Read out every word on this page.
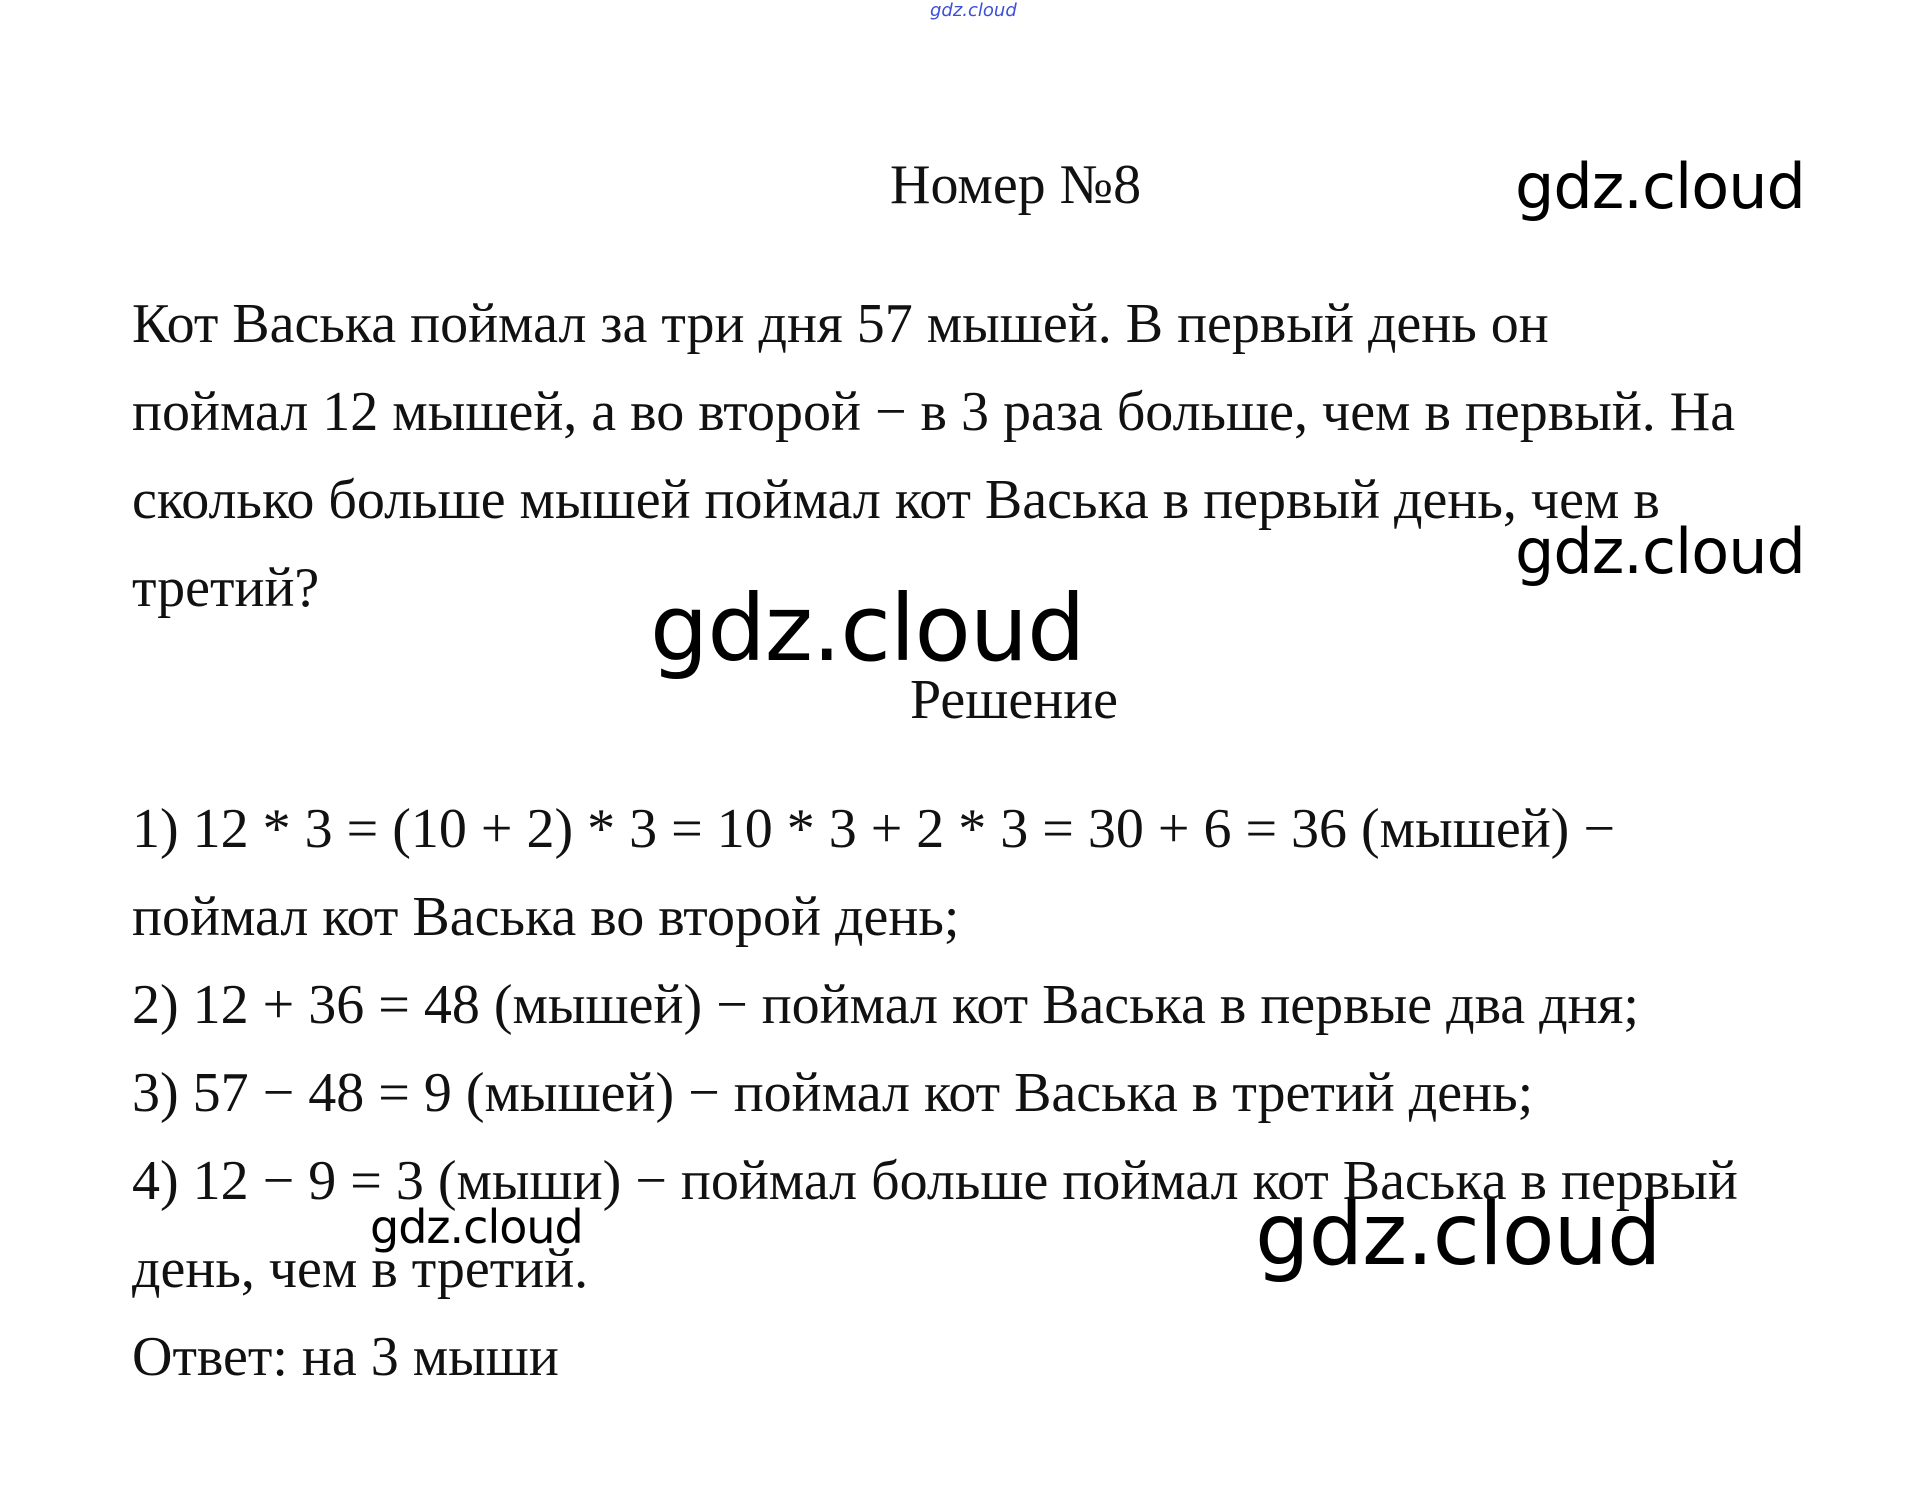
gdz.cloud
Номер №8	gdz.cloud
Кот Васька поймал за три дня 57 мышей. В первый день он
поймал 12 мышей, а во второй − в 3 раза больше, чем в первый. На
сколько больше мышей поймал кот Васька в первый день, чем в
третий?	gdz.cloud
gdz.cloud
Решение
1) 12 * 3 = (10 + 2) * 3 = 10 * 3 + 2 * 3 = 30 + 6 = 36 (мышей) −
поймал кот Васька во второй день;
2) 12 + 36 = 48 (мышей) − поймал кот Васька в первые два дня;
3) 57 − 48 = 9 (мышей) − поймал кот Васька в третий день;
4) 12 − 9 = 3 (мыши) − поймал больше поймал кот Васька в первый
день, чем в третий.
Ответ: на 3 мыши
gdz.cloud	gdz.cloud
